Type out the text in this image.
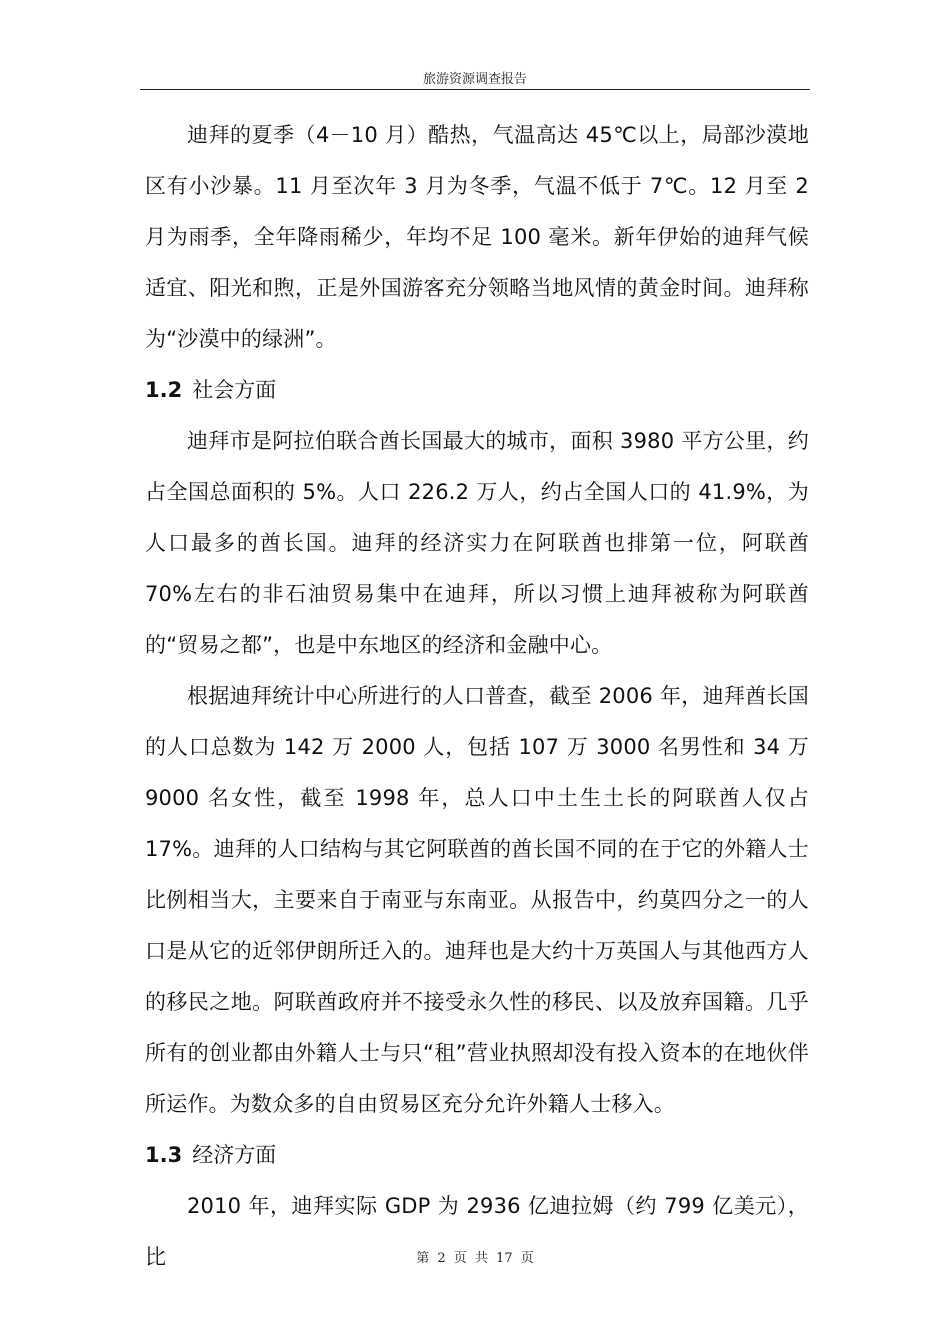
旅游资源调查报告

迪拜的夏季（4－10 月）酷热，气温高达 45℃以上，局部沙漠地区有小沙暴。11 月至次年 3 月为冬季，气温不低于 7℃。12 月至 2 月为雨季，全年降雨稀少，年均不足 100 毫米。新年伊始的迪拜气候适宜、阳光和煦，正是外国游客充分领略当地风情的黄金时间。迪拜称为“沙漠中的绿洲”。

1.2 社会方面

迪拜市是阿拉伯联合酋长国最大的城市，面积 3980 平方公里，约占全国总面积的 5%。人口 226.2 万人，约占全国人口的 41.9%，为人口最多的酋长国。迪拜的经济实力在阿联酋也排第一位，阿联酋 70%左右的非石油贸易集中在迪拜，所以习惯上迪拜被称为阿联酋的“贸易之都”，也是中东地区的经济和金融中心。

根据迪拜统计中心所进行的人口普查，截至 2006 年，迪拜酋长国的人口总数为 142 万 2000 人，包括 107 万 3000 名男性和 34 万 9000 名女性，截至 1998 年，总人口中土生土长的阿联酋人仅占 17%。迪拜的人口结构与其它阿联酋的酋长国不同的在于它的外籍人士比例相当大，主要来自于南亚与东南亚。从报告中，约莫四分之一的人口是从它的近邻伊朗所迁入的。迪拜也是大约十万英国人与其他西方人的移民之地。阿联酋政府并不接受永久性的移民、以及放弃国籍。几乎所有的创业都由外籍人士与只“租”营业执照却没有投入资本的在地伙伴所运作。为数众多的自由贸易区充分允许外籍人士移入。

1.3 经济方面

2010 年，迪拜实际 GDP 为 2936 亿迪拉姆（约 799 亿美元），比	第 2 页 共 17 页
